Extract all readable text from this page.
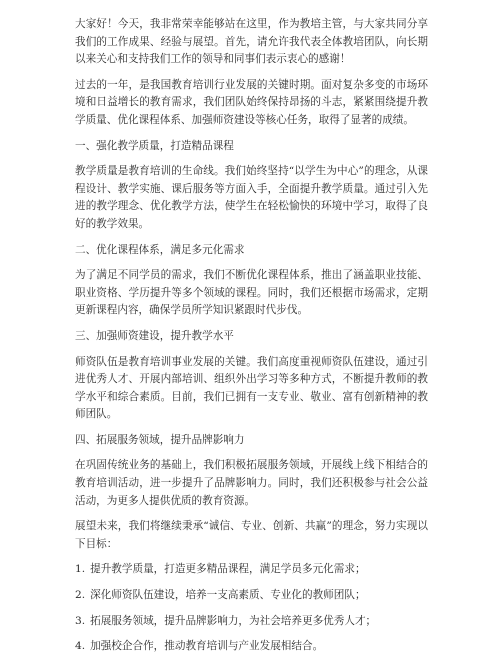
大家好！今天，我非常荣幸能够站在这里，作为教培主管，与大家共同分享我们的工作成果、经验与展望。首先，请允许我代表全体教培团队，向长期以来关心和支持我们工作的领导和同事们表示衷心的感谢！

过去的一年，是我国教育培训行业发展的关键时期。面对复杂多变的市场环境和日益增长的教育需求，我们团队始终保持昂扬的斗志，紧紧围绕提升教学质量、优化课程体系、加强师资建设等核心任务，取得了显著的成绩。

一、强化教学质量，打造精品课程

教学质量是教育培训的生命线。我们始终坚持“以学生为中心”的理念，从课程设计、教学实施、课后服务等方面入手，全面提升教学质量。通过引入先进的教学理念、优化教学方法，使学生在轻松愉快的环境中学习，取得了良好的教学效果。

二、优化课程体系，满足多元化需求

为了满足不同学员的需求，我们不断优化课程体系，推出了涵盖职业技能、职业资格、学历提升等多个领域的课程。同时，我们还根据市场需求，定期更新课程内容，确保学员所学知识紧跟时代步伐。

三、加强师资建设，提升教学水平

师资队伍是教育培训事业发展的关键。我们高度重视师资队伍建设，通过引进优秀人才、开展内部培训、组织外出学习等多种方式，不断提升教师的教学水平和综合素质。目前，我们已拥有一支专业、敬业、富有创新精神的教师团队。

四、拓展服务领域，提升品牌影响力

在巩固传统业务的基础上，我们积极拓展服务领域，开展线上线下相结合的教育培训活动，进一步提升了品牌影响力。同时，我们还积极参与社会公益活动，为更多人提供优质的教育资源。

展望未来，我们将继续秉承“诚信、专业、创新、共赢”的理念，努力实现以下目标：

1. 提升教学质量，打造更多精品课程，满足学员多元化需求；
2. 深化师资队伍建设，培养一支高素质、专业化的教师团队；
3. 拓展服务领域，提升品牌影响力，为社会培养更多优秀人才；
4. 加强校企合作，推动教育培训与产业发展相结合。
